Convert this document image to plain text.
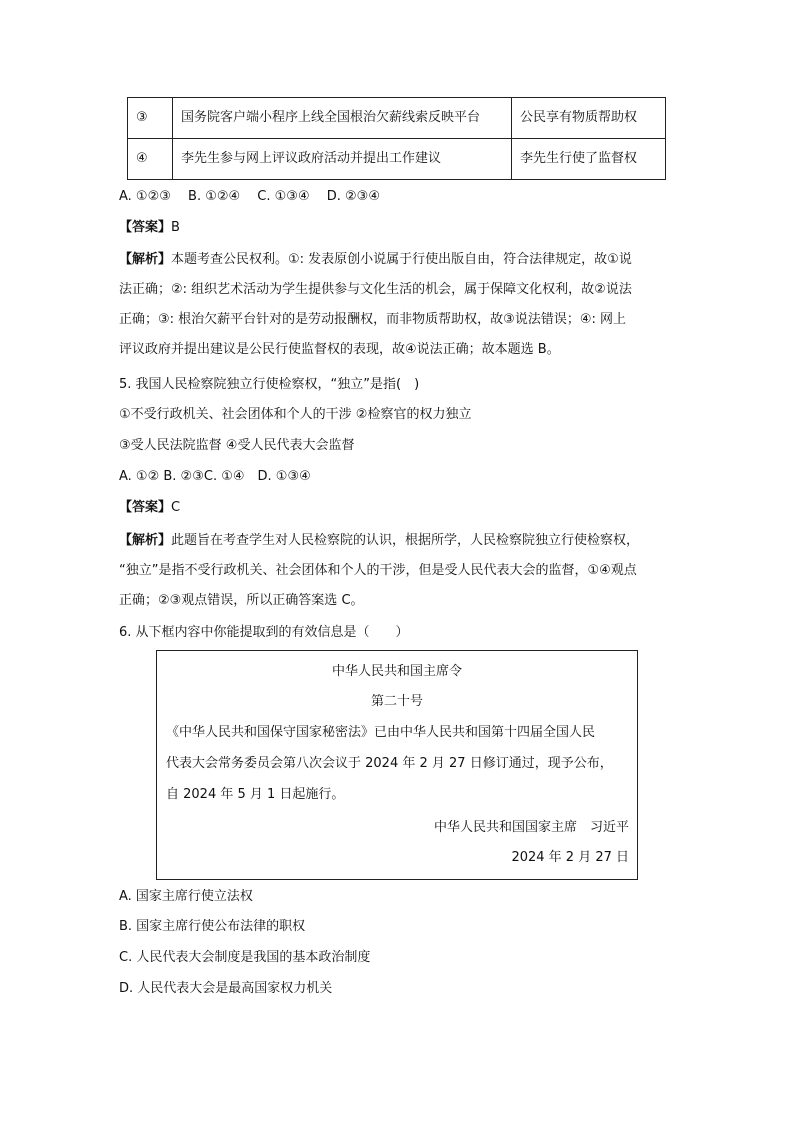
③	国务院客户端小程序上线全国根治欠薪线索反映平台	公民享有物质帮助权
④	李先生参与网上评议政府活动并提出工作建议	李先生行使了监督权
A. ①②③　 B. ①②④　 C. ①③④　 D. ②③④
【答案】B
【解析】本题考查公民权利。①: 发表原创小说属于行使出版自由，符合法律规定，故①说
法正确；②: 组织艺术活动为学生提供参与文化生活的机会，属于保障文化权利，故②说法
正确；③: 根治欠薪平台针对的是劳动报酬权，而非物质帮助权，故③说法错误；④: 网上
评议政府并提出建议是公民行使监督权的表现，故④说法正确；故本题选 B。
5. 我国人民检察院独立行使检察权，“独立”是指(　)
①不受行政机关、社会团体和个人的干涉 ②检察官的权力独立
③受人民法院监督 ④受人民代表大会监督
A. ①② B. ②③C. ①④　D. ①③④
【答案】C
【解析】此题旨在考查学生对人民检察院的认识，根据所学，人民检察院独立行使检察权，
“独立”是指不受行政机关、社会团体和个人的干涉，但是受人民代表大会的监督，①④观点
正确；②③观点错误，所以正确答案选 C。
6. 从下框内容中你能提取到的有效信息是（　　）
中华人民共和国主席令
第二十号
《中华人民共和国保守国家秘密法》已由中华人民共和国第十四届全国人民
代表大会常务委员会第八次会议于 2024 年 2 月 27 日修订通过，现予公布，
自 2024 年 5 月 1 日起施行。
中华人民共和国国家主席　习近平
2024 年 2 月 27 日
A. 国家主席行使立法权
B. 国家主席行使公布法律的职权
C. 人民代表大会制度是我国的基本政治制度
D. 人民代表大会是最高国家权力机关
